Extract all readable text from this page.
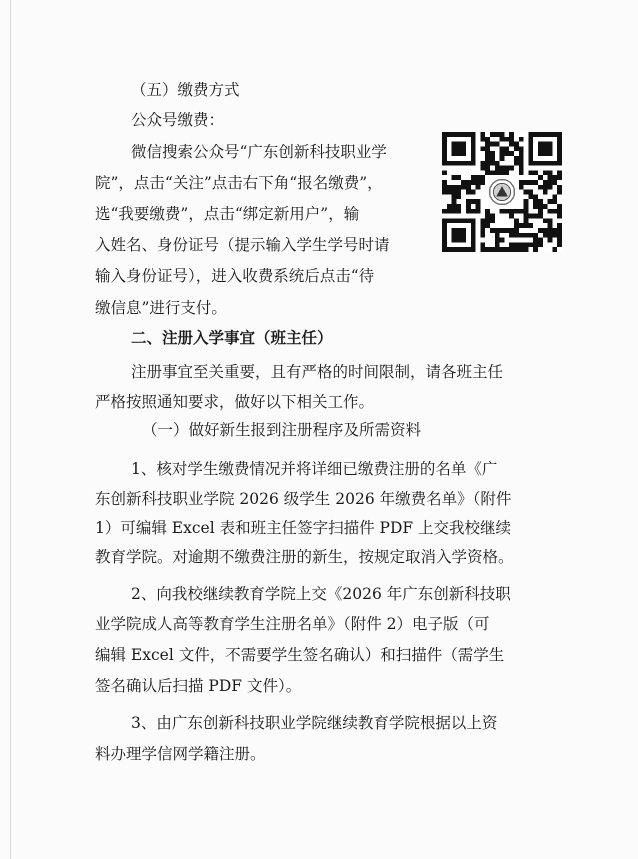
（五）缴费方式
公众号缴费：
微信搜索公众号“广东创新科技职业学
院”，点击“关注”点击右下角“报名缴费”，
选“我要缴费”，点击“绑定新用户”，输
入姓名、身份证号（提示输入学生学号时请
输入身份证号），进入收费系统后点击“待
缴信息”进行支付。
二、注册入学事宜（班主任）
注册事宜至关重要，且有严格的时间限制，请各班主任
严格按照通知要求，做好以下相关工作。
（一）做好新生报到注册程序及所需资料
1、核对学生缴费情况并将详细已缴费注册的名单《广
东创新科技职业学院 2026 级学生 2026 年缴费名单》（附件
1）可编辑 Excel 表和班主任签字扫描件 PDF 上交我校继续
教育学院。对逾期不缴费注册的新生，按规定取消入学资格。
2、向我校继续教育学院上交《2026 年广东创新科技职
业学院成人高等教育学生注册名单》（附件 2）电子版（可
编辑 Excel 文件，不需要学生签名确认）和扫描件（需学生
签名确认后扫描 PDF 文件）。
3、由广东创新科技职业学院继续教育学院根据以上资
料办理学信网学籍注册。
